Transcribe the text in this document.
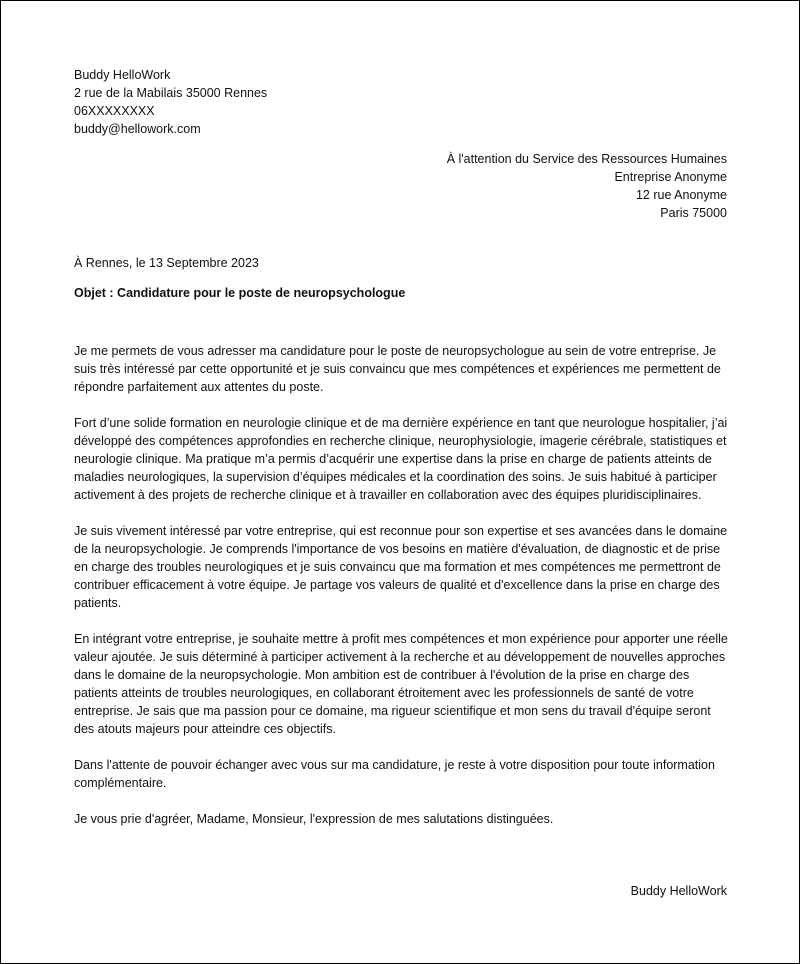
Buddy HelloWork
2 rue de la Mabilais 35000 Rennes
06XXXXXXXX
buddy@hellowork.com
À l'attention du Service des Ressources Humaines
Entreprise Anonyme
12 rue Anonyme
Paris 75000
À Rennes, le 13 Septembre 2023
Objet : Candidature pour le poste de neuropsychologue

Je me permets de vous adresser ma candidature pour le poste de neuropsychologue au sein de votre entreprise. Je suis très intéressé par cette opportunité et je suis convaincu que mes compétences et expériences me permettent de répondre parfaitement aux attentes du poste.

Fort d’une solide formation en neurologie clinique et de ma dernière expérience en tant que neurologue hospitalier, j’ai développé des compétences approfondies en recherche clinique, neurophysiologie, imagerie cérébrale, statistiques et neurologie clinique. Ma pratique m’a permis d’acquérir une expertise dans la prise en charge de patients atteints de maladies neurologiques, la supervision d’équipes médicales et la coordination des soins. Je suis habitué à participer activement à des projets de recherche clinique et à travailler en collaboration avec des équipes pluridisciplinaires.

Je suis vivement intéressé par votre entreprise, qui est reconnue pour son expertise et ses avancées dans le domaine de la neuropsychologie. Je comprends l'importance de vos besoins en matière d'évaluation, de diagnostic et de prise en charge des troubles neurologiques et je suis convaincu que ma formation et mes compétences me permettront de contribuer efficacement à votre équipe. Je partage vos valeurs de qualité et d'excellence dans la prise en charge des patients.

En intégrant votre entreprise, je souhaite mettre à profit mes compétences et mon expérience pour apporter une réelle valeur ajoutée. Je suis déterminé à participer activement à la recherche et au développement de nouvelles approches dans le domaine de la neuropsychologie. Mon ambition est de contribuer à l'évolution de la prise en charge des patients atteints de troubles neurologiques, en collaborant étroitement avec les professionnels de santé de votre entreprise. Je sais que ma passion pour ce domaine, ma rigueur scientifique et mon sens du travail d'équipe seront des atouts majeurs pour atteindre ces objectifs.

Dans l'attente de pouvoir échanger avec vous sur ma candidature, je reste à votre disposition pour toute information complémentaire.

Je vous prie d'agréer, Madame, Monsieur, l'expression de mes salutations distinguées.

Buddy HelloWork
